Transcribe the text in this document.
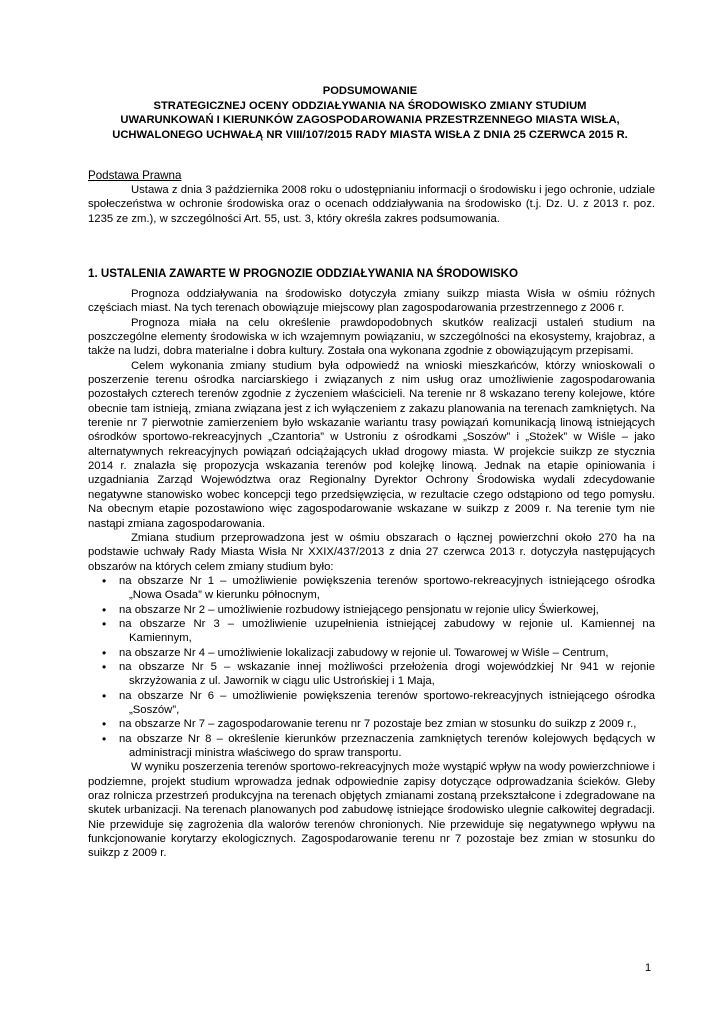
PODSUMOWANIE
STRATEGICZNEJ OCENY ODDZIAŁYWANIA NA ŚRODOWISKO ZMIANY STUDIUM
UWARUNKOWAŃ I KIERUNKÓW ZAGOSPODAROWANIA PRZESTRZENNEGO MIASTA WISŁA,
UCHWALONEGO UCHWAŁĄ NR VIII/107/2015 RADY MIASTA WISŁA Z DNIA 25 CZERWCA 2015 R.
Podstawa Prawna

Ustawa z dnia 3 października 2008 roku o udostępnianiu informacji o środowisku i jego ochronie, udziale społeczeństwa w ochronie środowiska oraz o ocenach oddziaływania na środowisko (t.j. Dz. U. z 2013 r. poz. 1235 ze zm.), w szczególności Art. 55, ust. 3, który określa zakres podsumowania.

1. USTALENIA ZAWARTE W PROGNOZIE ODDZIAŁYWANIA NA ŚRODOWISKO

Prognoza oddziaływania na środowisko dotyczyła zmiany suikzp miasta Wisła w ośmiu różnych częściach miast. Na tych terenach obowiązuje miejscowy plan zagospodarowania przestrzennego z 2006 r.

Prognoza miała na celu określenie prawdopodobnych skutków realizacji ustaleń studium na poszczególne elementy środowiska w ich wzajemnym powiązaniu, w szczególności na ekosystemy, krajobraz, a także na ludzi, dobra materialne i dobra kultury. Została ona wykonana zgodnie z obowiązującym przepisami.

Celem wykonania zmiany studium była odpowiedź na wnioski mieszkańców, którzy wnioskowali o poszerzenie terenu ośrodka narciarskiego i związanych z nim usług oraz umożliwienie zagospodarowania pozostałych czterech terenów zgodnie z życzeniem właścicieli. Na terenie nr 8 wskazano tereny kolejowe, które obecnie tam istnieją, zmiana związana jest z ich wyłączeniem z zakazu planowania na terenach zamkniętych. Na terenie nr 7 pierwotnie zamierzeniem było wskazanie wariantu trasy powiązań komunikacją linową istniejących ośrodków sportowo-rekreacyjnych „Czantoria” w Ustroniu z ośrodkami „Soszów” i „Stożek” w Wiśle – jako alternatywnych rekreacyjnych powiązań odciążających układ drogowy miasta. W projekcie suikzp ze stycznia 2014 r. znalazła się propozycja wskazania terenów pod kolejkę linową. Jednak na etapie opiniowania i uzgadniania Zarząd Województwa oraz Regionalny Dyrektor Ochrony Środowiska wydali zdecydowanie negatywne stanowisko wobec koncepcji tego przedsięwzięcia, w rezultacie czego odstąpiono od tego pomysłu. Na obecnym etapie pozostawiono więc zagospodarowanie wskazane w suikzp z 2009 r. Na terenie tym nie nastąpi zmiana zagospodarowania.

Zmiana studium przeprowadzona jest w ośmiu obszarach o łącznej powierzchni około 270 ha na podstawie uchwały Rady Miasta Wisła Nr XXIX/437/2013 z dnia 27 czerwca 2013 r. dotyczyła następujących obszarów na których celem zmiany studium było:

• na obszarze Nr 1 – umożliwienie powiększenia terenów sportowo-rekreacyjnych istniejącego ośrodka „Nowa Osada” w kierunku północnym,
• na obszarze Nr 2 – umożliwienie rozbudowy istniejącego pensjonatu w rejonie ulicy Świerkowej,
• na obszarze Nr 3 – umożliwienie uzupełnienia istniejącej zabudowy w rejonie ul. Kamiennej na Kamiennym,
• na obszarze Nr 4 – umożliwienie lokalizacji zabudowy w rejonie ul. Towarowej w Wiśle – Centrum,
• na obszarze Nr 5 – wskazanie innej możliwości przełożenia drogi wojewódzkiej Nr 941 w rejonie skrzyżowania z ul. Jawornik w ciągu ulic Ustrońskiej i 1 Maja,
• na obszarze Nr 6 – umożliwienie powiększenia terenów sportowo-rekreacyjnych istniejącego ośrodka „Soszów”,
• na obszarze Nr 7 – zagospodarowanie terenu nr 7 pozostaje bez zmian w stosunku do suikzp z 2009 r.,
• na obszarze Nr 8 – określenie kierunków przeznaczenia zamkniętych terenów kolejowych będących w administracji ministra właściwego do spraw transportu.

W wyniku poszerzenia terenów sportowo-rekreacyjnych może wystąpić wpływ na wody powierzchniowe i podziemne, projekt studium wprowadza jednak odpowiednie zapisy dotyczące odprowadzania ścieków. Gleby oraz rolnicza przestrzeń produkcyjna na terenach objętych zmianami zostaną przekształcone i zdegradowane na skutek urbanizacji. Na terenach planowanych pod zabudowę istniejące środowisko ulegnie całkowitej degradacji. Nie przewiduje się zagrożenia dla walorów terenów chronionych. Nie przewiduje się negatywnego wpływu na funkcjonowanie korytarzy ekologicznych. Zagospodarowanie terenu nr 7 pozostaje bez zmian w stosunku do suikzp z 2009 r.

1
